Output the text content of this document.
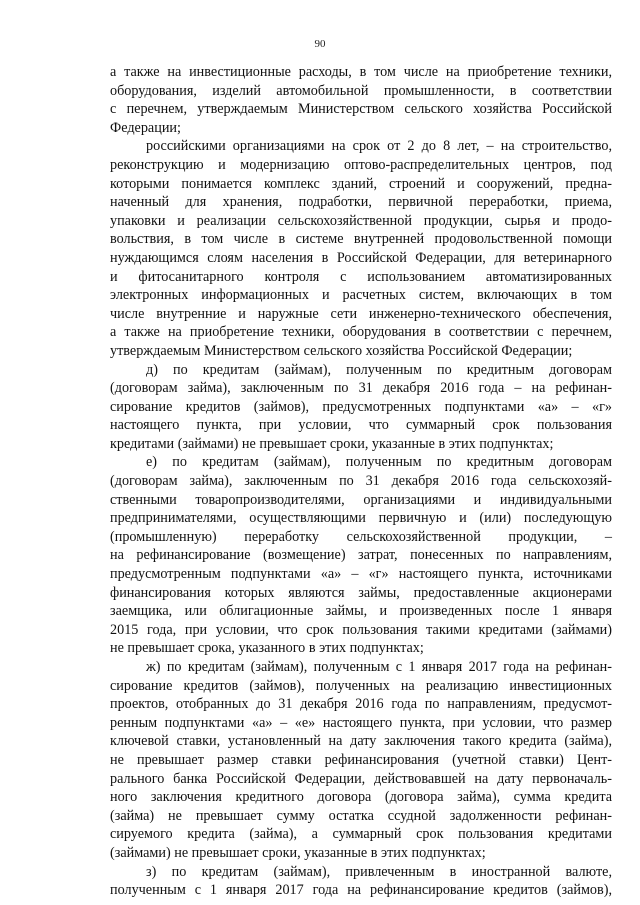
90
а также на инвестиционные расходы, в том числе на приобретение техники,
оборудования, изделий автомобильной промышленности, в соответствии
с перечнем, утверждаемым Министерством сельского хозяйства Российской
Федерации;
российскими организациями на срок от 2 до 8 лет, – на строительство,
реконструкцию и модернизацию оптово-распределительных центров, под
которыми понимается комплекс зданий, строений и сооружений, предна-
наченный для хранения, подработки, первичной переработки, приема,
упаковки и реализации сельскохозяйственной продукции, сырья и продо-
вольствия, в том числе в системе внутренней продовольственной помощи
нуждающимся слоям населения в Российской Федерации, для ветеринарного
и фитосанитарного контроля с использованием автоматизированных
электронных информационных и расчетных систем, включающих в том
числе внутренние и наружные сети инженерно-технического обеспечения,
а также на приобретение техники, оборудования в соответствии с перечнем,
утверждаемым Министерством сельского хозяйства Российской Федерации;
д) по кредитам (займам), полученным по кредитным договорам
(договорам займа), заключенным по 31 декабря 2016 года – на рефинан-
сирование кредитов (займов), предусмотренных подпунктами «а» – «г»
настоящего пункта, при условии, что суммарный срок пользования
кредитами (займами) не превышает сроки, указанные в этих подпунктах;
е) по кредитам (займам), полученным по кредитным договорам
(договорам займа), заключенным по 31 декабря 2016 года сельскохозяй-
ственными товаропроизводителями, организациями и индивидуальными
предпринимателями, осуществляющими первичную и (или) последующую
(промышленную) переработку сельскохозяйственной продукции, –
на рефинансирование (возмещение) затрат, понесенных по направлениям,
предусмотренным подпунктами «а» – «г» настоящего пункта, источниками
финансирования которых являются займы, предоставленные акционерами
заемщика, или облигационные займы, и произведенных после 1 января
2015 года, при условии, что срок пользования такими кредитами (займами)
не превышает срока, указанного в этих подпунктах;
ж) по кредитам (займам), полученным с 1 января 2017 года на рефинан-
сирование кредитов (займов), полученных на реализацию инвестиционных
проектов, отобранных до 31 декабря 2016 года по направлениям, предусмот-
ренным подпунктами «а» – «е» настоящего пункта, при условии, что размер
ключевой ставки, установленный на дату заключения такого кредита (займа),
не превышает размер ставки рефинансирования (учетной ставки) Цент-
рального банка Российской Федерации, действовавшей на дату первоначаль-
ного заключения кредитного договора (договора займа), сумма кредита
(займа) не превышает сумму остатка ссудной задолженности рефинан-
сируемого кредита (займа), а суммарный срок пользования кредитами
(займами) не превышает сроки, указанные в этих подпунктах;
з) по кредитам (займам), привлеченным в иностранной валюте,
полученным с 1 января 2017 года на рефинансирование кредитов (займов),
